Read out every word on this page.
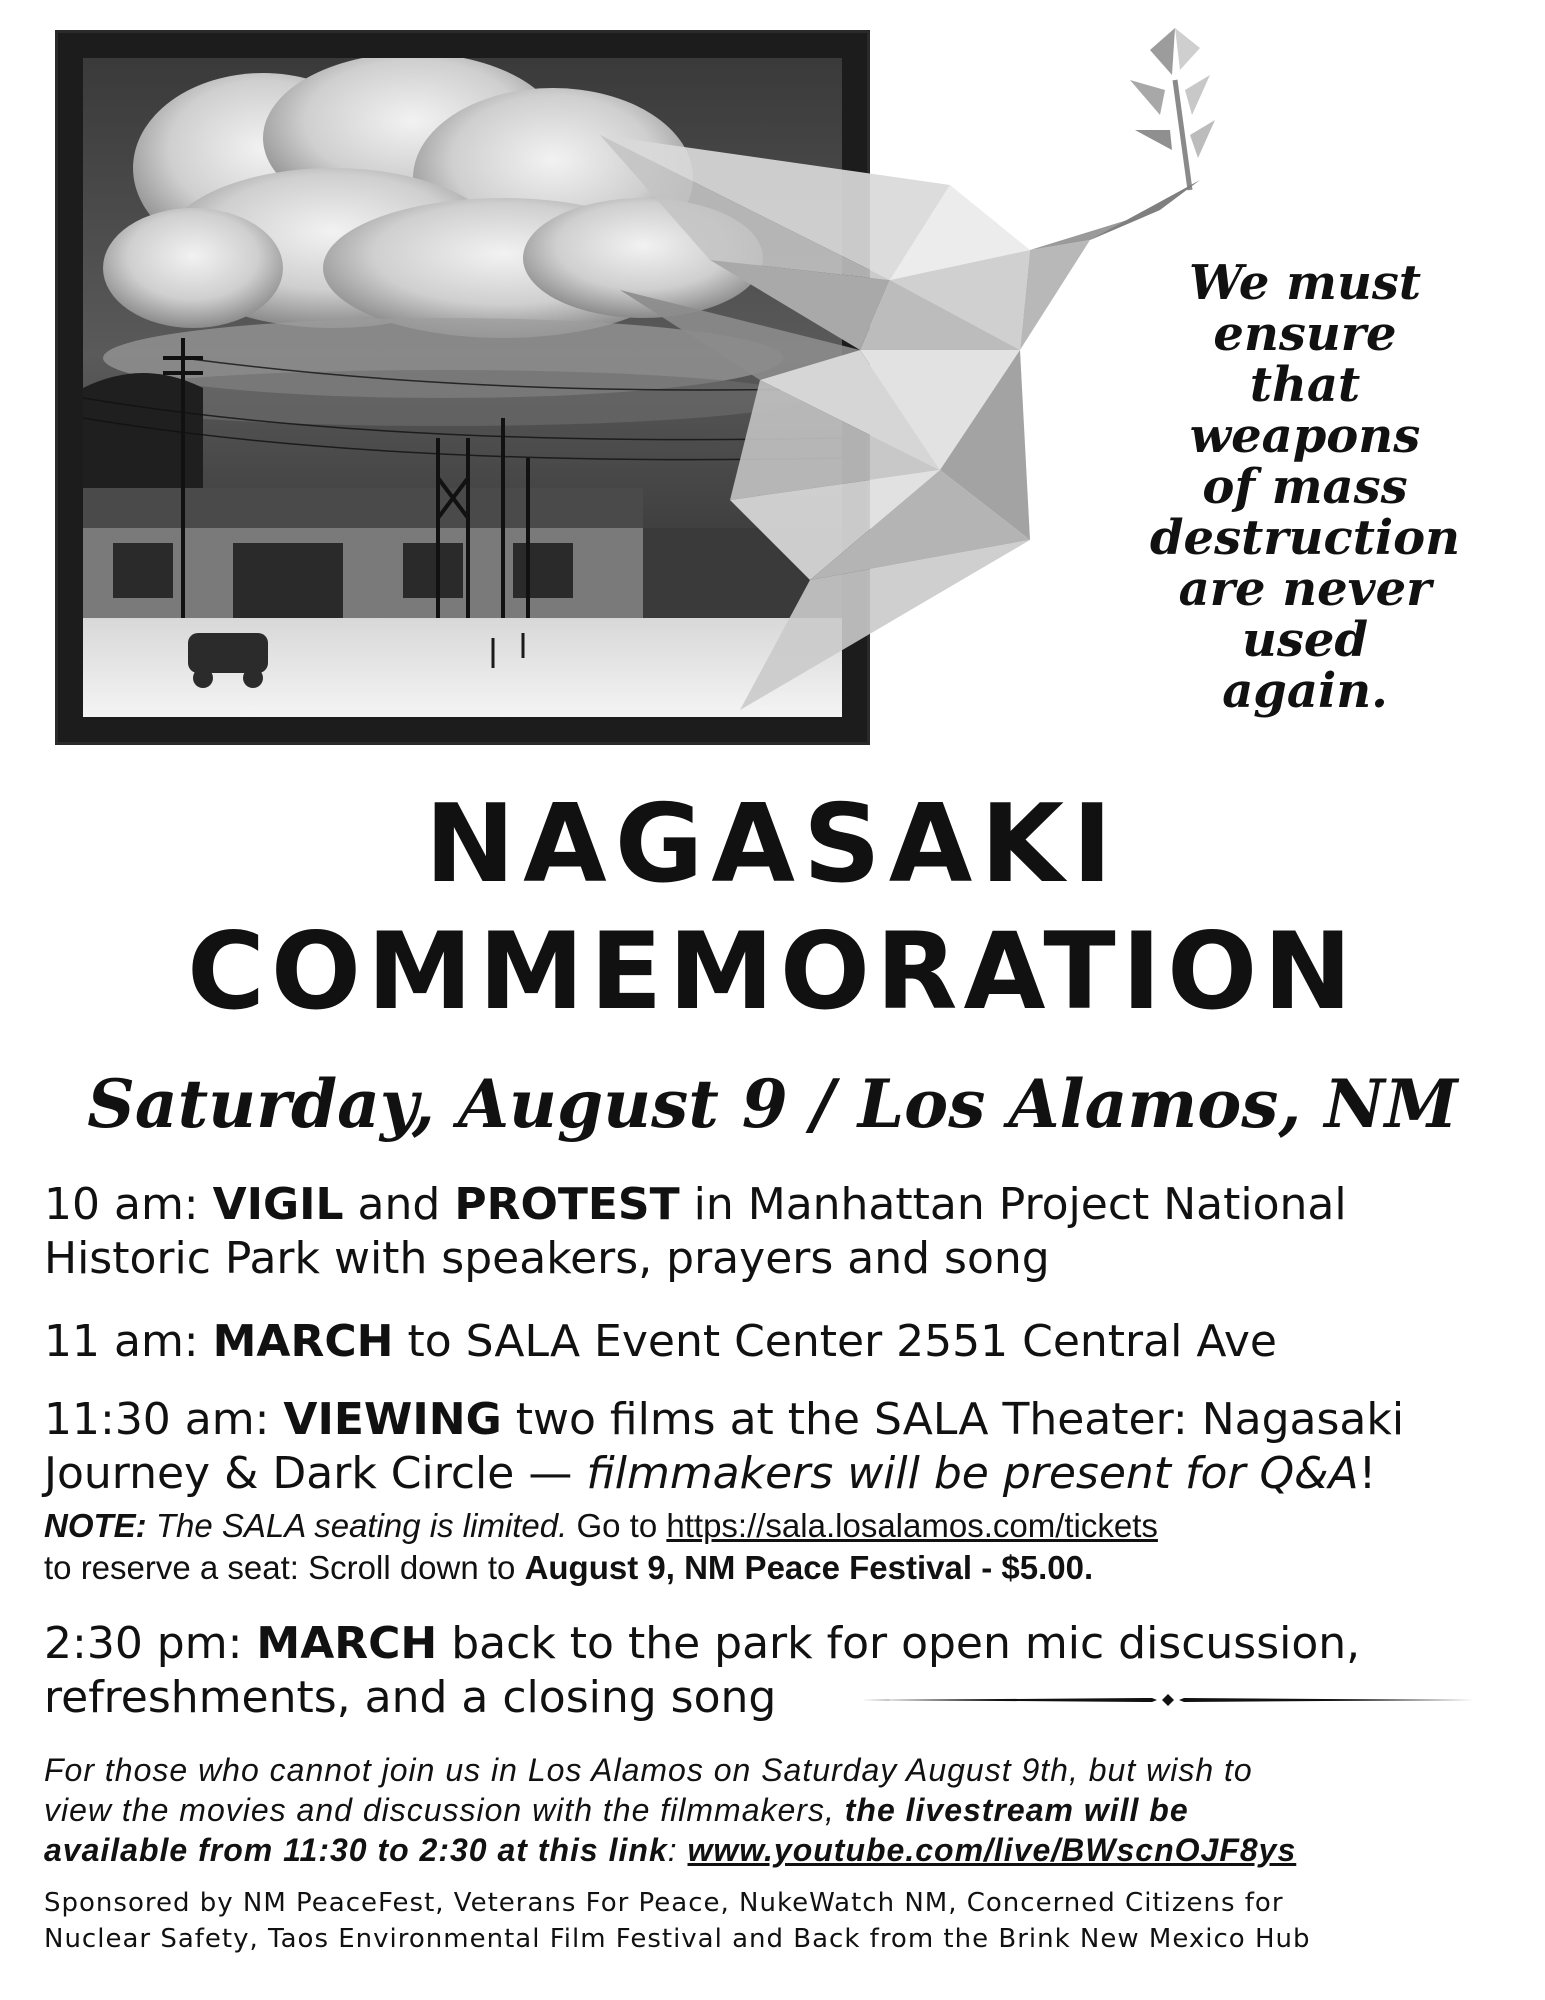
We must
ensure
that
weapons
of mass
destruction
are never
used
again.
NAGASAKI
COMMEMORATION
Saturday, August 9 / Los Alamos, NM
10 am: VIGIL and PROTEST in Manhattan Project National
Historic Park with speakers, prayers and song
11 am: MARCH to SALA Event Center 2551 Central Ave
11:30 am: VIEWING two films at the SALA Theater: Nagasaki
Journey & Dark Circle — filmmakers will be present for Q&A!
NOTE: The SALA seating is limited. Go to https://sala.losalamos.com/tickets
to reserve a seat: Scroll down to August 9, NM Peace Festival - $5.00.
2:30 pm: MARCH back to the park for open mic discussion,
refreshments, and a closing song
For those who cannot join us in Los Alamos on Saturday August 9th, but wish to
view the movies and discussion with the filmmakers, the livestream will be
available from 11:30 to 2:30 at this link: www.youtube.com/live/BWscnOJF8ys
Sponsored by NM PeaceFest, Veterans For Peace, NukeWatch NM, Concerned Citizens for
Nuclear Safety, Taos Environmental Film Festival and Back from the Brink New Mexico Hub
